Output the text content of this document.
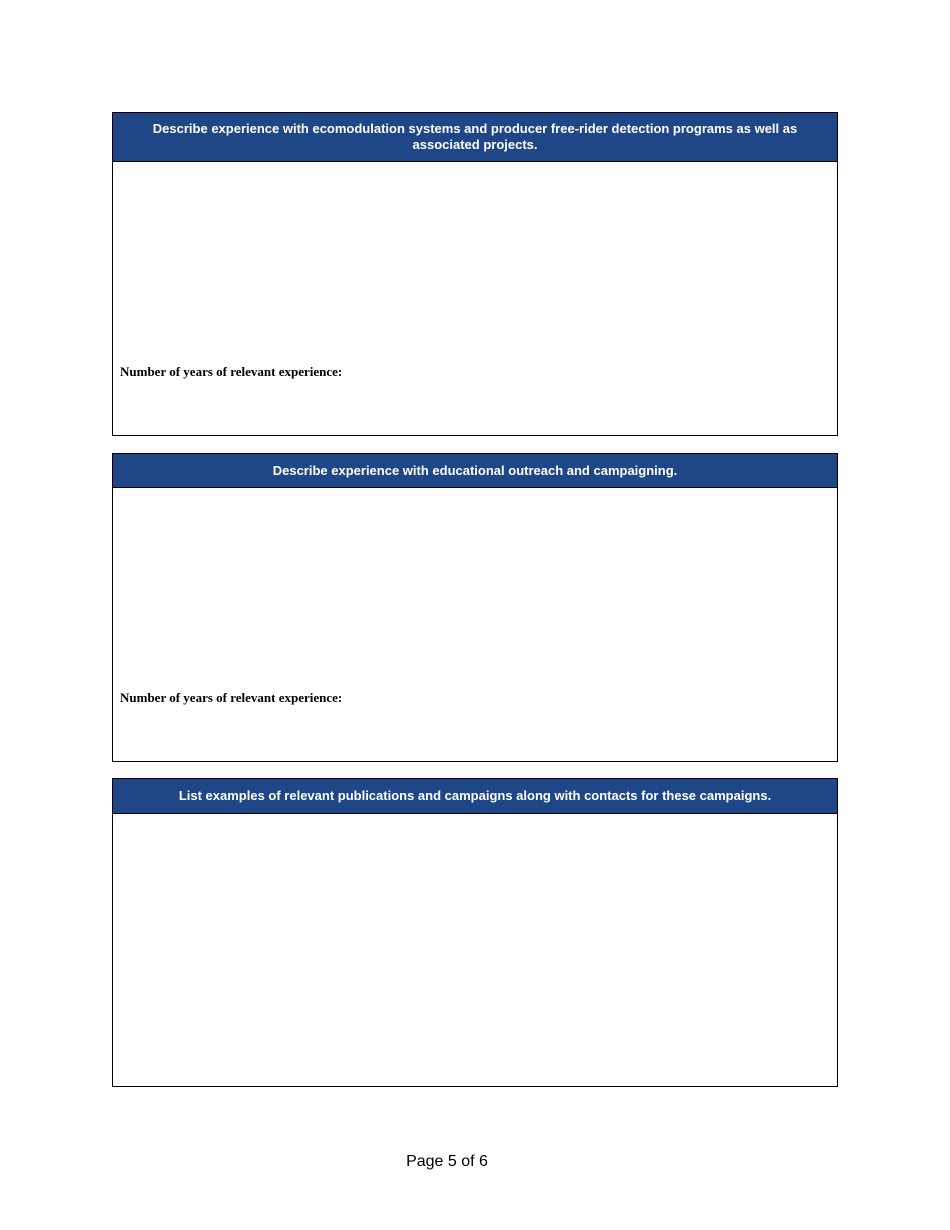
Describe experience with ecomodulation systems and producer free-rider detection programs as well as associated projects.
Number of years of relevant experience:
Describe experience with educational outreach and campaigning.
Number of years of relevant experience:
List examples of relevant publications and campaigns along with contacts for these campaigns.
Page 5 of 6
